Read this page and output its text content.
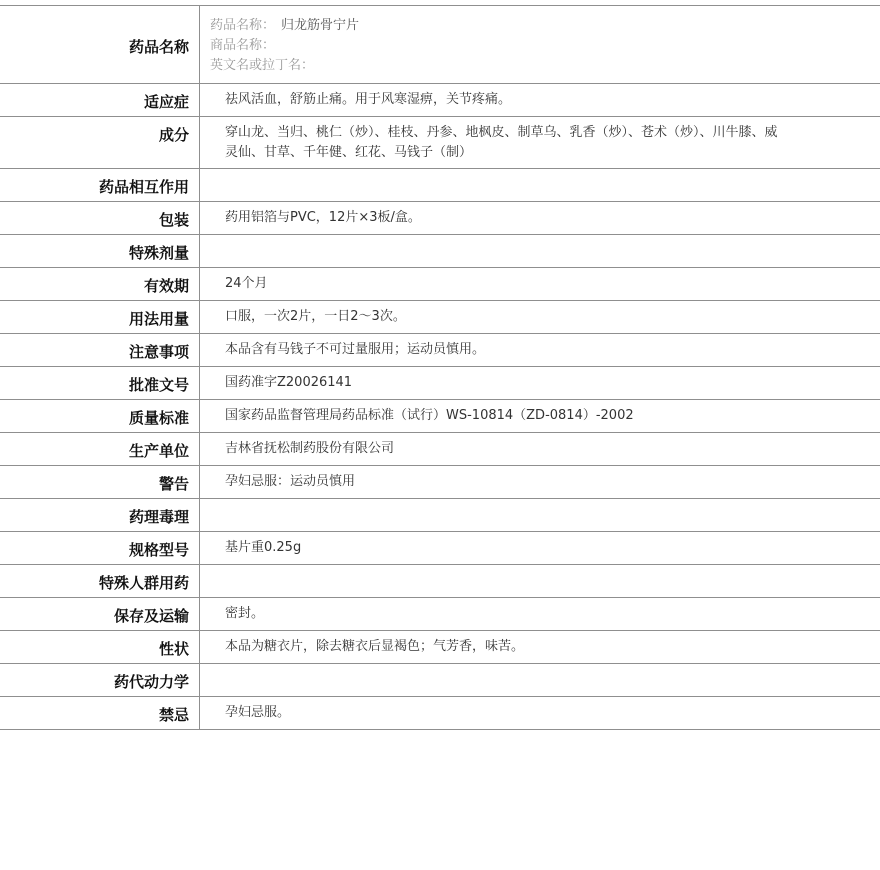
药品名称
药品名称： 归龙筋骨宁片
商品名称：
英文名或拉丁名：
适应症	祛风活血，舒筋止痛。用于风寒湿痹，关节疼痛。
成分	穿山龙、当归、桃仁（炒）、桂枝、丹参、地枫皮、制草乌、乳香（炒）、苍术（炒）、川牛膝、威灵仙、甘草、千年健、红花、马钱子（制）
药品相互作用
包装	药用铝箔与PVC，12片×3板/盒。
特殊剂量
有效期	24个月
用法用量	口服，一次2片，一日2～3次。
注意事项	本品含有马钱子不可过量服用；运动员慎用。
批准文号	国药准字Z20026141
质量标准	国家药品监督管理局药品标准（试行）WS-10814（ZD-0814）-2002
生产单位	吉林省抚松制药股份有限公司
警告	孕妇忌服：运动员慎用
药理毒理
规格型号	基片重0.25g
特殊人群用药
保存及运输	密封。
性状	本品为糖衣片，除去糖衣后显褐色；气芳香，味苦。
药代动力学
禁忌	孕妇忌服。
